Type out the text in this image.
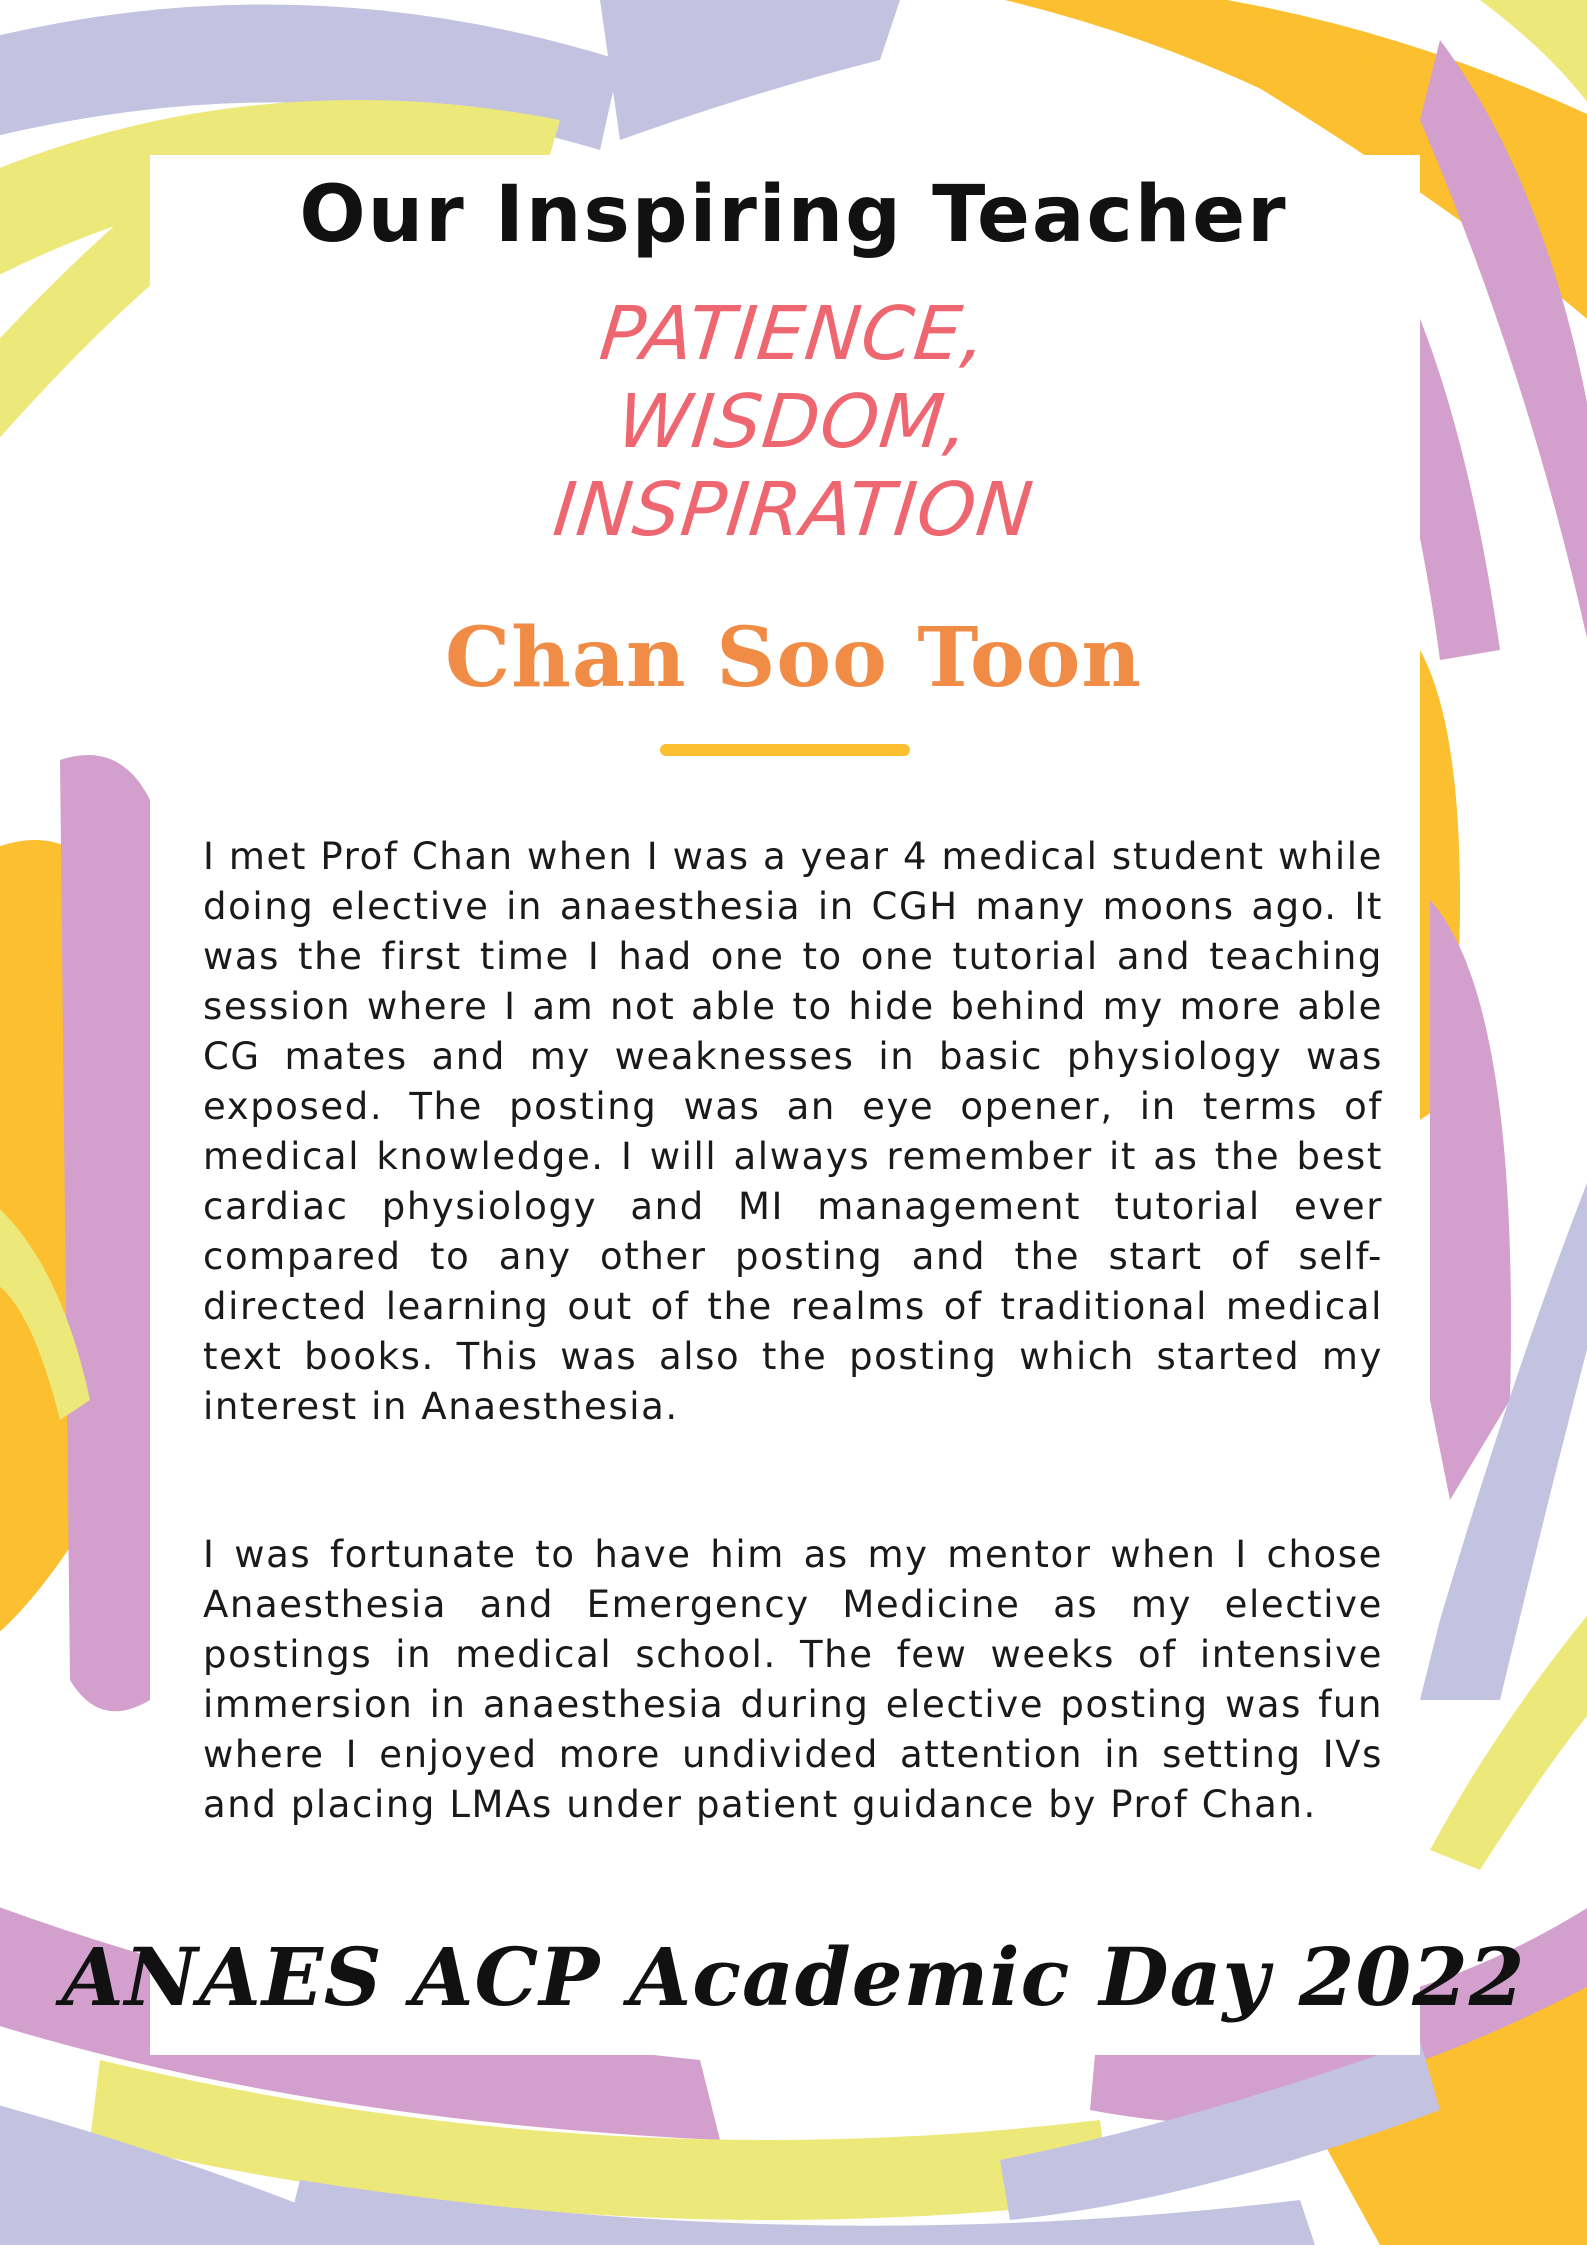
Our Inspiring Teacher
PATIENCE,
WISDOM,
INSPIRATION
Chan Soo Toon

I met Prof Chan when I was a year 4 medical student while doing elective in anaesthesia in CGH many moons ago. It was the first time I had one to one tutorial and teaching session where I am not able to hide behind my more able CG mates and my weaknesses in basic physiology was exposed. The posting was an eye opener, in terms of medical knowledge. I will always remember it as the best cardiac physiology and MI management tutorial ever compared to any other posting and the start of self-directed learning out of the realms of traditional medical text books. This was also the posting which started my interest in Anaesthesia.

I was fortunate to have him as my mentor when I chose Anaesthesia and Emergency Medicine as my elective postings in medical school. The few weeks of intensive immersion in anaesthesia during elective posting was fun where I enjoyed more undivided attention in setting IVs and placing LMAs under patient guidance by Prof Chan.

ANAES ACP Academic Day 2022
